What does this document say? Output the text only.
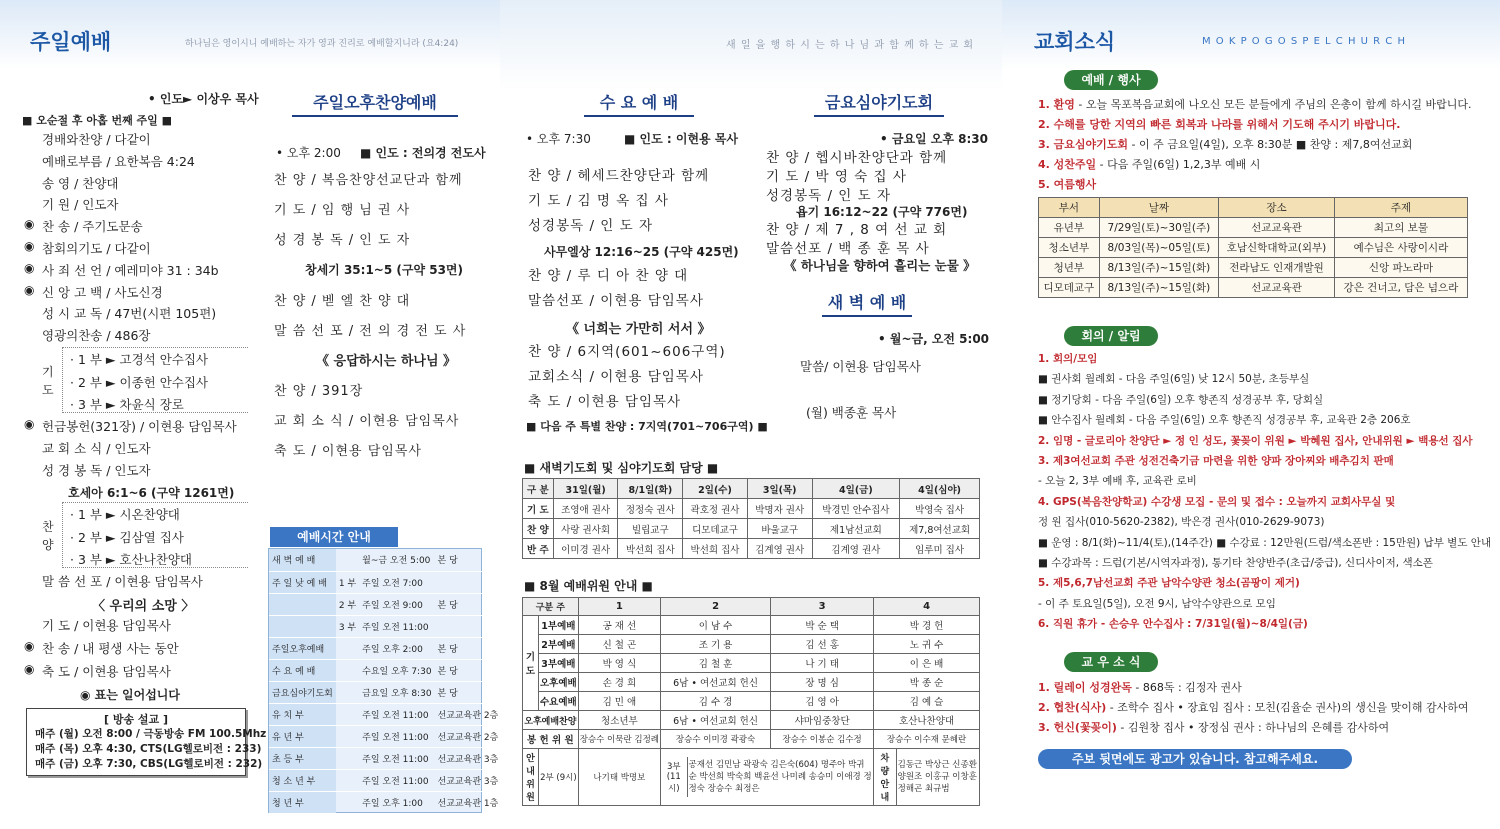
주일예배	하나님은 영이시니 예배하는 자가 영과 진리로 예배할지니라 (요4:24)
• 인도► 이상우 목사
■ 오순절 후 아홉 번째 주일 ■
경배와찬양 / 다같이
예배로부름 / 요한복음 4:24
송 영 / 찬양대
기 원 / 인도자
◉ 찬 송 / 주기도문송
◉ 참회의기도 / 다같이
◉ 사 죄 선 언 / 예레미야 31 : 34b
◉ 신 앙 고 백 / 사도신경
성 시 교 독 / 47번(시편 105편)
영광의찬송 / 486장
기 도
· 1 부 ► 고경석 안수집사
· 2 부 ► 이종헌 안수집사
· 3 부 ► 차윤식 장로
◉ 헌금봉헌(321장) / 이현용 담임목사
교 회 소 식 / 인도자
성 경 봉 독 / 인도자
호세아 6:1~6 (구약 1261면)
찬 양
· 1 부 ► 시온찬양대
· 2 부 ► 김삼열 집사
· 3 부 ► 호산나찬양대
말 씀 선 포 / 이현용 담임목사
〈 우리의 소망 〉
기 도 / 이현용 담임목사
◉ 찬 송 / 내 평생 사는 동안
◉ 축 도 / 이현용 담임목사
◉ 표는 일어섭니다
[ 방송 설교 ]
매주 (월) 오전 8:00 / 극동방송 FM 100.5Mhz
매주 (목) 오후 4:30, CTS(LG헬로비전 : 233)
매주 (금) 오후 7:30, CBS(LG헬로비전 : 232)
주일오후찬양예배
• 오후 2:00 ■ 인도 : 전의경 전도사
찬 양 / 복음찬양선교단과 함께
기 도 / 임 행 님 권 사
성 경 봉 독 / 인 도 자
창세기 35:1~5 (구약 53면)
찬 양 / 벧 엘 찬 양 대
말 씀 선 포 / 전 의 경 전 도 사
《 응답하시는 하나님 》
찬 양 / 391장
교 회 소 식 / 이현용 담임목사
축 도 / 이현용 담임목사
예배시간 안내
새 벽 예 배		월~금 오전 5:00	본 당
주 일 낮 예 배	1 부	주일 오전 7:00	
	2 부	주일 오전 9:00	본 당
	3 부	주일 오전 11:00	
주일오후예배		주일 오후 2:00	본 당
수 요 예 배		수요일 오후 7:30	본 당
금요심야기도회		금요일 오후 8:30	본 당
유 치 부		주일 오전 11:00	선교교육관 2층
유 년 부		주일 오전 11:00	선교교육관 2층
초 등 부		주일 오전 11:00	선교교육관 3층
청 소 년 부		주일 오전 11:00	선교교육관 3층
청 년 부		주일 오후 1:00	선교교육관 1층
새 일 을 행 하 시 는 하 나 님 과 함 께 하 는 교 회
수 요 예 배
• 오후 7:30	■ 인도 : 이현용 목사
찬 양 / 헤세드찬양단과 함께
기 도 / 김 명 옥 집 사
성경봉독 / 인 도 자
사무엘상 12:16~25 (구약 425면)
찬 양 / 루 디 아 찬 양 대
말씀선포 / 이현용 담임목사
《 너희는 가만히 서서 》
찬 양 / 6지역(601~606구역)
교회소식 / 이현용 담임목사
축 도 / 이현용 담임목사
■ 다음 주 특별 찬양 : 7지역(701~706구역) ■
금요심야기도회
• 금요일 오후 8:30
찬 양 / 헵시바찬양단과 함께
기 도 / 박 영 숙 집 사
성경봉독 / 인 도 자
욥기 16:12~22 (구약 776면)
찬 양 / 제 7 , 8 여 선 교 회
말씀선포 / 백 종 훈 목 사
《 하나님을 향하여 흘리는 눈물 》
새 벽 예 배
• 월~금, 오전 5:00
말씀/ 이현용 담임목사
(월) 백종훈 목사
■ 새벽기도회 및 심야기도회 담당 ■
구 분	31일(월)	8/1일(화)	2일(수)	3일(목)	4일(금)	4일(심야)
기 도	조영애 권사	정정숙 권사	곽호정 권사	박명자 권사	박경민 안수집사	박영숙 집사
찬 양	사랑 권사회	빌립교구	디모데교구	바울교구	제1남선교회	제7,8여선교회
반 주	이미경 권사	박선희 집사	박선희 집사	김계영 권사	김계영 권사	임루미 집사
■ 8월 예배위원 안내 ■
구분 주	1	2	3	4
기 도	1부예배	공 재 선	이 남 수	박 순 택	박 경 헌
2부예배	신 철 곤	조 기 용	김 선 홍	노 귀 수
3부예배	박 영 식	김 철 훈	나 기 태	이 은 배
오후예배	손 경 희	6남 • 여선교회 헌신	장 명 심	박 종 순
수요예배	김 민 애	김 수 경	김 영 아	김 예 슬
오후예배찬양	청소년부	6남 • 여선교회 헌신	샤마임중창단	호산나찬양대
봉 헌 위 원	장승수 이묵란 김정례	장승수 이미경 곽광숙	장승수 이봉순 김수정	장승수 이수재 문혜란
안 내 위 원	2부 (9시)	나기태 박명보	
3부 (11시)	공재선 김민남 곽광숙 김은숙(604) 명주아 박귀순 박선희 박숙희 백윤선 나미례 송승미 이애경 정정숙 장승수 최정은

차 량 안 내	김동근 박상근 신종환 양원조 이홍규 이창훈 정해곤 최규범
교회소식	M O K P O G O S P E L C H U R C H
예배 / 행사
1. 환영 - 오늘 목포복음교회에 나오신 모든 분들에게 주님의 은총이 함께 하시길 바랍니다.
2. 수해를 당한 지역의 빠른 회복과 나라를 위해서 기도해 주시기 바랍니다.
3. 금요심야기도회 - 이 주 금요일(4일), 오후 8:30분 ■ 찬양 : 제7,8여선교회
4. 성찬주일 - 다음 주일(6일) 1,2,3부 예배 시
5. 여름행사
부서	날짜	장소	주제
유년부	7/29일(토)~30일(주)	선교교육관	최고의 보물
청소년부	8/03일(목)~05일(토)	호남신학대학교(외부)	예수님은 사랑이시라
청년부	8/13일(주)~15일(화)	전라남도 인재개발원	신앙 파노라마
디모데교구	8/13일(주)~15일(화)	선교교육관	강은 건너고, 담은 넘으라
회의 / 알림
1. 회의/모임
■ 권사회 월례회 - 다음 주일(6일) 낮 12시 50분, 초등부실
■ 정기당회 - 다음 주일(6일) 오후 향존직 성경공부 후, 당회실
■ 안수집사 월례회 - 다음 주일(6일) 오후 향존직 성경공부 후, 교육관 2층 206호
2. 임명 - 글로리아 찬양단 ► 정 인 성도, 꽃꽂이 위원 ► 박혜원 집사, 안내위원 ► 백용선 집사
3. 제3여선교회 주관 성전건축기금 마련을 위한 양파 장아찌와 배추김치 판매
- 오늘 2, 3부 예배 후, 교육관 로비
4. GPS(복음찬양학교) 수강생 모집 - 문의 및 접수 : 오늘까지 교회사무실 및
정 원 집사(010-5620-2382), 박은경 권사(010-2629-9073)
■ 운영 : 8/1(화)~11/4(토),(14주간) ■ 수강료 : 12만원(드럼/색소폰반 : 15만원) 납부 별도 안내
■ 수강과목 : 드럼(기본/시역자과정), 통기타 찬양반주(초급/중급), 신디사이저, 색소폰
5. 제5,6,7남선교회 주관 남악수양관 청소(곰팡이 제거)
- 이 주 토요일(5일), 오전 9시, 남악수양관으로 모임
6. 직원 휴가 - 손승우 안수집사 : 7/31일(월)~8/4일(금)
교 우 소 식
1. 릴레이 성경완독 - 868독 : 김정자 권사
2. 협찬(식사) - 조학수 집사 • 장효임 집사 : 모친(김율순 권사)의 생신을 맞이해 감사하여
3. 헌신(꽃꽂이) - 김원창 집사 • 장정심 권사 : 하나님의 은혜를 감사하여
주보 뒷면에도 광고가 있습니다. 참고해주세요.
